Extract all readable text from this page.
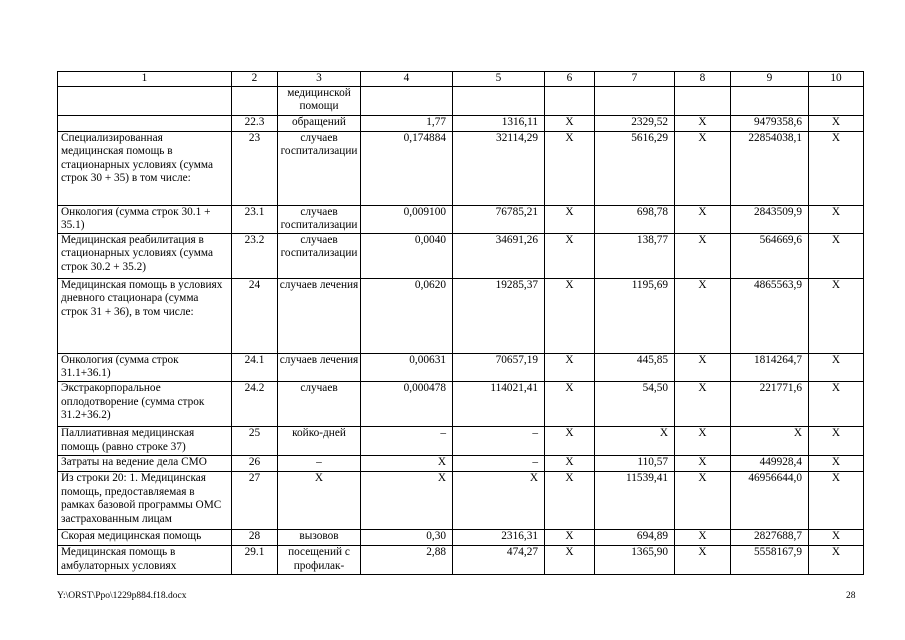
1	2	3	4	5	6	7	8	9	10
		медицинской помощи							
	22.3	обращений	1,77	1316,11	X	2329,52	X	9479358,6	X
Специализированная медицинская помощь в стационарных условиях (сумма строк 30 + 35) в том числе:	23	случаев госпитализации	0,174884	32114,29	X	5616,29	X	22854038,1	X
Онкология (сумма строк 30.1 + 35.1)	23.1	случаев госпитализации	0,009100	76785,21	X	698,78	X	2843509,9	X
Медицинская реабилитация в стационарных условиях (сумма строк 30.2 + 35.2)	23.2	случаев госпитализации	0,0040	34691,26	X	138,77	X	564669,6	X
Медицинская помощь в условиях дневного стационара (сумма строк 31 + 36), в том числе:	24	случаев лечения	0,0620	19285,37	X	1195,69	X	4865563,9	X
Онкология (сумма строк 31.1+36.1)	24.1	случаев лечения	0,00631	70657,19	X	445,85	X	1814264,7	X
Экстракорпоральное оплодотворение (сумма строк 31.2+36.2)	24.2	случаев	0,000478	114021,41	X	54,50	X	221771,6	X
Паллиативная медицинская помощь (равно строке 37)	25	койко-дней	–	–	X	X	X	X	X
Затраты на ведение дела СМО	26	–	X	–	X	110,57	X	449928,4	X
Из строки 20: 1. Медицинская помощь, предоставляемая в рамках базовой программы ОМС застрахованным лицам	27	X	X	X	X	11539,41	X	46956644,0	X
Скорая медицинская помощь	28	вызовов	0,30	2316,31	X	694,89	X	2827688,7	X
Медицинская помощь в амбулаторных условиях	29.1	посещений с профилак-	2,88	474,27	X	1365,90	X	5558167,9	X
Y:\ORST\Ppo\1229p884.f18.docx	28
